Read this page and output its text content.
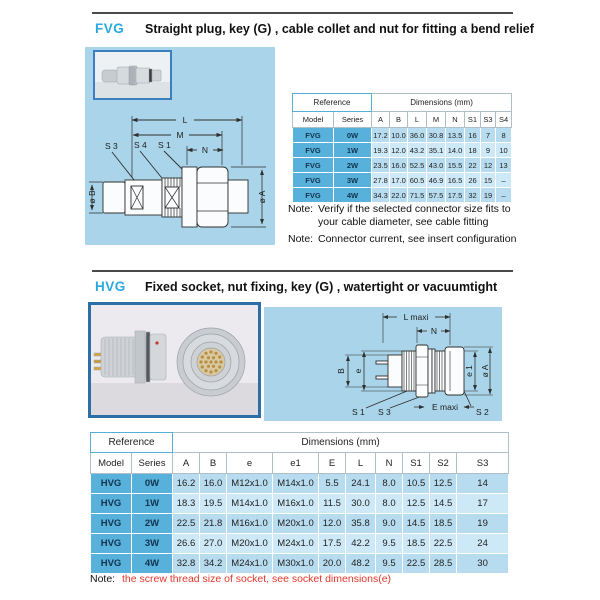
FVG	Straight plug, key (G) , cable collet and nut for fitting a bend relief
L
M
N
S 3 S 4 S 1
ø B	ø A
Reference		Dimensions (mm)							
Model	Series	A	B	L	M	N	S1	S3	S4
FVG	0W	17.2	10.0	36.0	30.8	13.5	16	7	8
FVG	1W	19.3	12.0	43.2	35.1	14.0	18	9	10
FVG	2W	23.5	16.0	52.5	43.0	15.5	22	12	13
FVG	3W	27.8	17.0	60.5	46.9	16.5	26	15	–
FVG	4W	34.3	22.0	71.5	57.5	17.5	32	19	–
Note: Verify if the selected connector size fits to your cable diameter, see cable fitting
Note: Connector current, see insert configuration
HVG	Fixed socket, nut fixing, key (G) , watertight or vacuumtight
L maxi
N
B e	e 1 ø A
S 1 S 3	E maxi S 2
Reference		Dimensions (mm)									
Model	Series	A	B	e	e1	E	L	N	S1	S2	S3
HVG	0W	16.2	16.0	M12x1.0	M14x1.0	5.5	24.1	8.0	10.5	12.5	14
HVG	1W	18.3	19.5	M14x1.0	M16x1.0	11.5	30.0	8.0	12.5	14.5	17
HVG	2W	22.5	21.8	M16x1.0	M20x1.0	12.0	35.8	9.0	14.5	18.5	19
HVG	3W	26.6	27.0	M20x1.0	M24x1.0	17.5	42.2	9.5	18.5	22.5	24
HVG	4W	32.8	34.2	M24x1.0	M30x1.0	20.0	48.2	9.5	22.5	28.5	30
Note: the screw thread size of socket, see socket dimensions(e)
